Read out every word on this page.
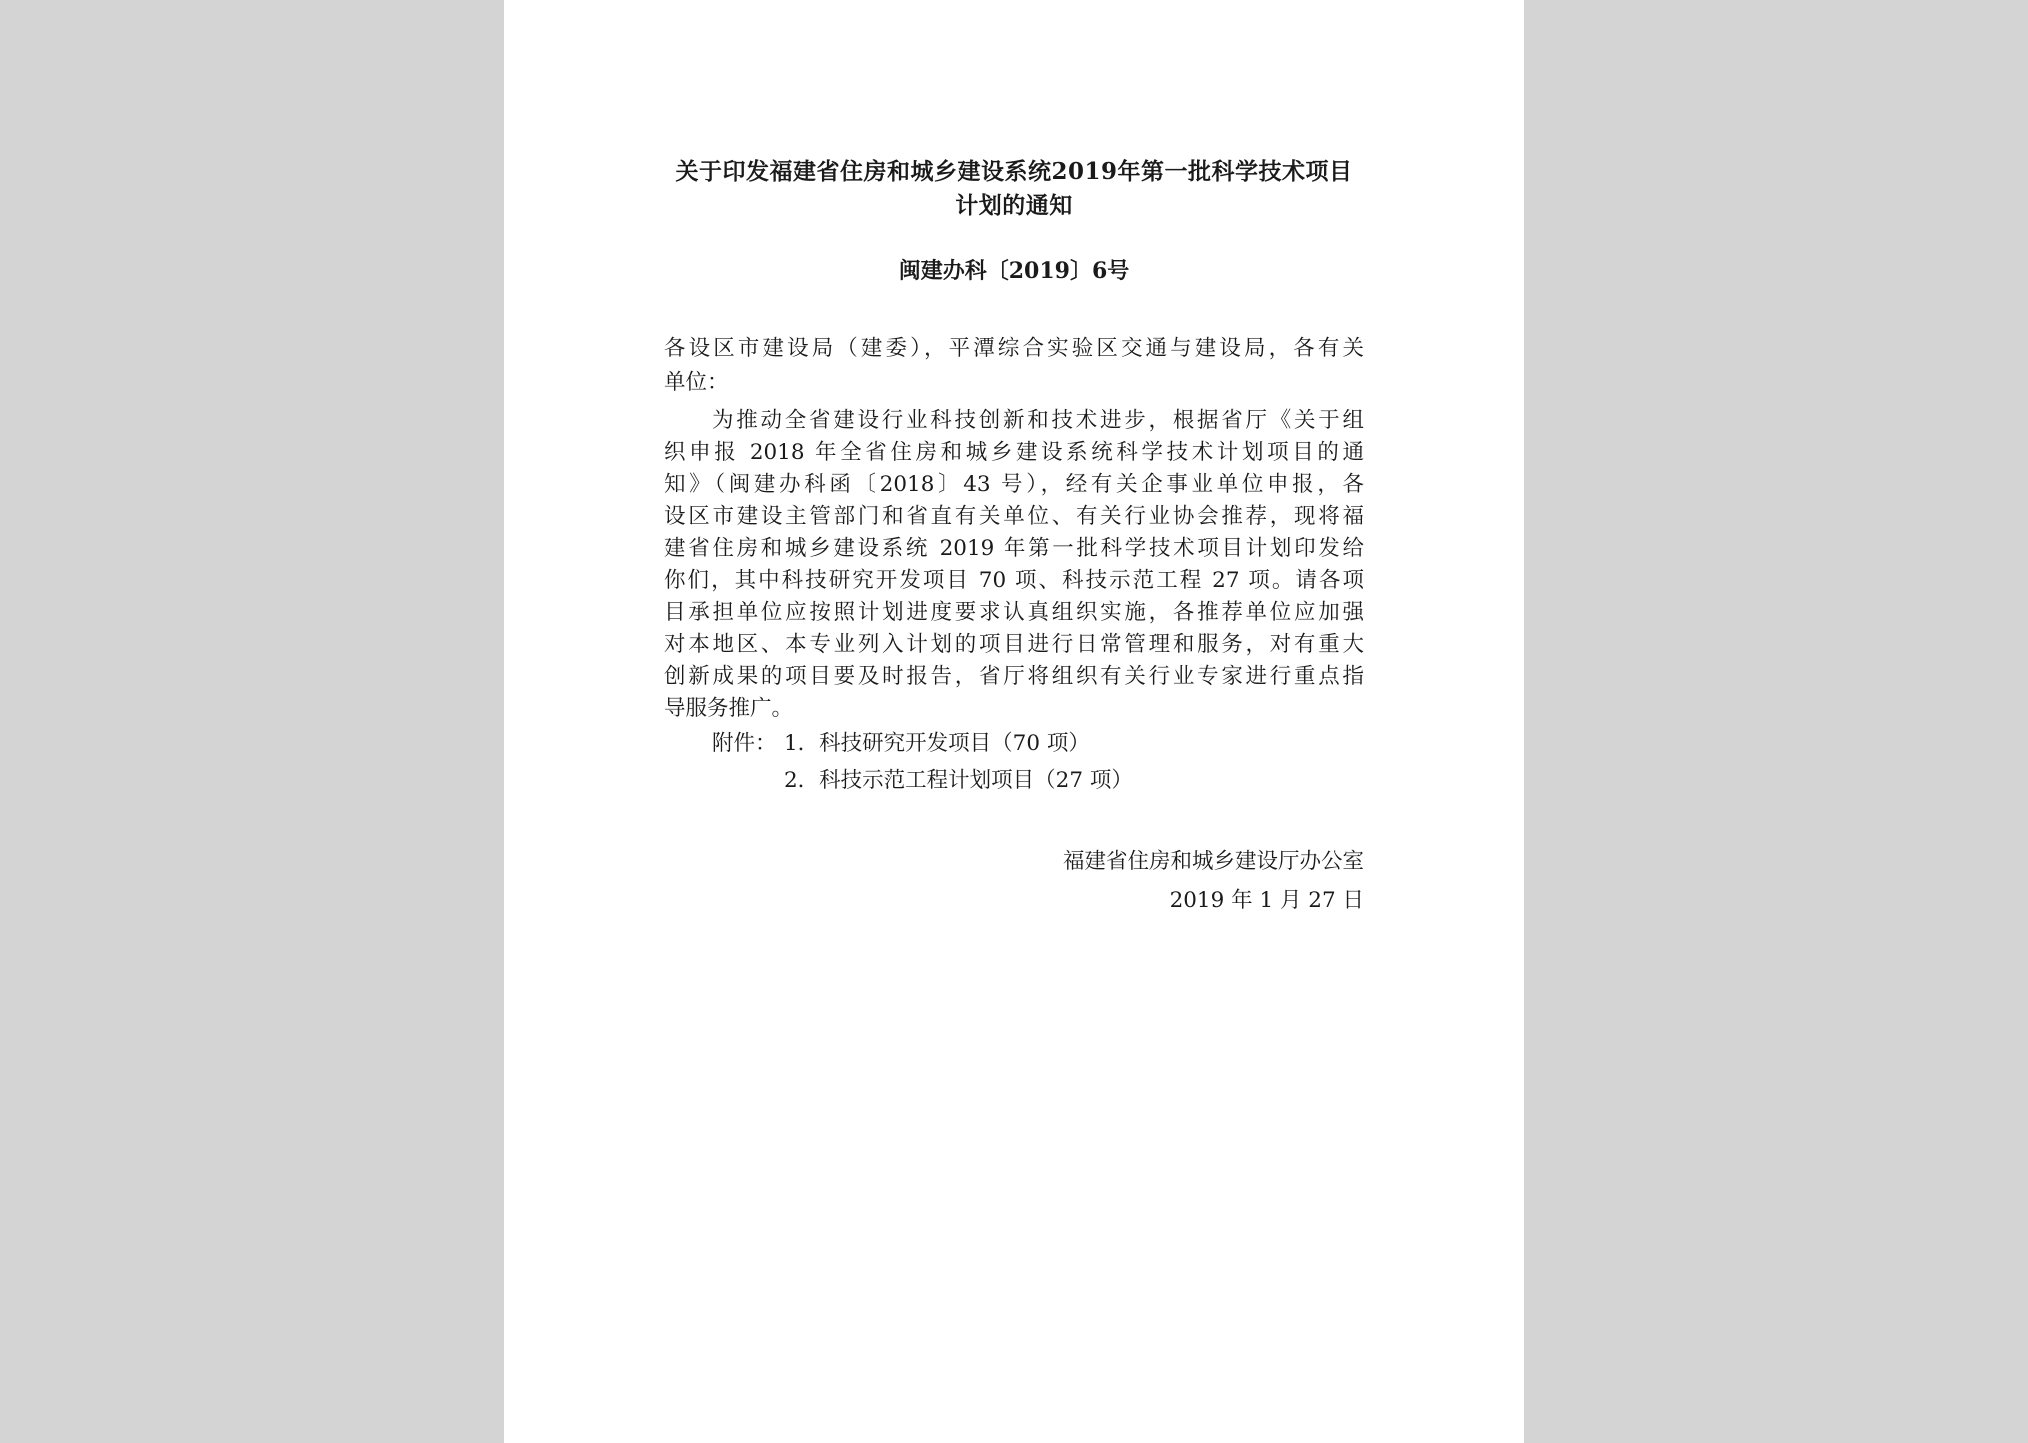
关于印发福建省住房和城乡建设系统2019年第一批科学技术项目
计划的通知
闽建办科〔2019〕6号
各设区市建设局（建委），平潭综合实验区交通与建设局，各有关
单位：
为推动全省建设行业科技创新和技术进步，根据省厅《关于组
织申报 2018 年全省住房和城乡建设系统科学技术计划项目的通
知》（闽建办科函〔2018〕43 号），经有关企事业单位申报，各
设区市建设主管部门和省直有关单位、有关行业协会推荐，现将福
建省住房和城乡建设系统 2019 年第一批科学技术项目计划印发给
你们，其中科技研究开发项目 70 项、科技示范工程 27 项。请各项
目承担单位应按照计划进度要求认真组织实施，各推荐单位应加强
对本地区、本专业列入计划的项目进行日常管理和服务，对有重大
创新成果的项目要及时报告，省厅将组织有关行业专家进行重点指
导服务推广。
附件： 1．科技研究开发项目（70 项）
2．科技示范工程计划项目（27 项）
福建省住房和城乡建设厅办公室
2019 年 1 月 27 日
